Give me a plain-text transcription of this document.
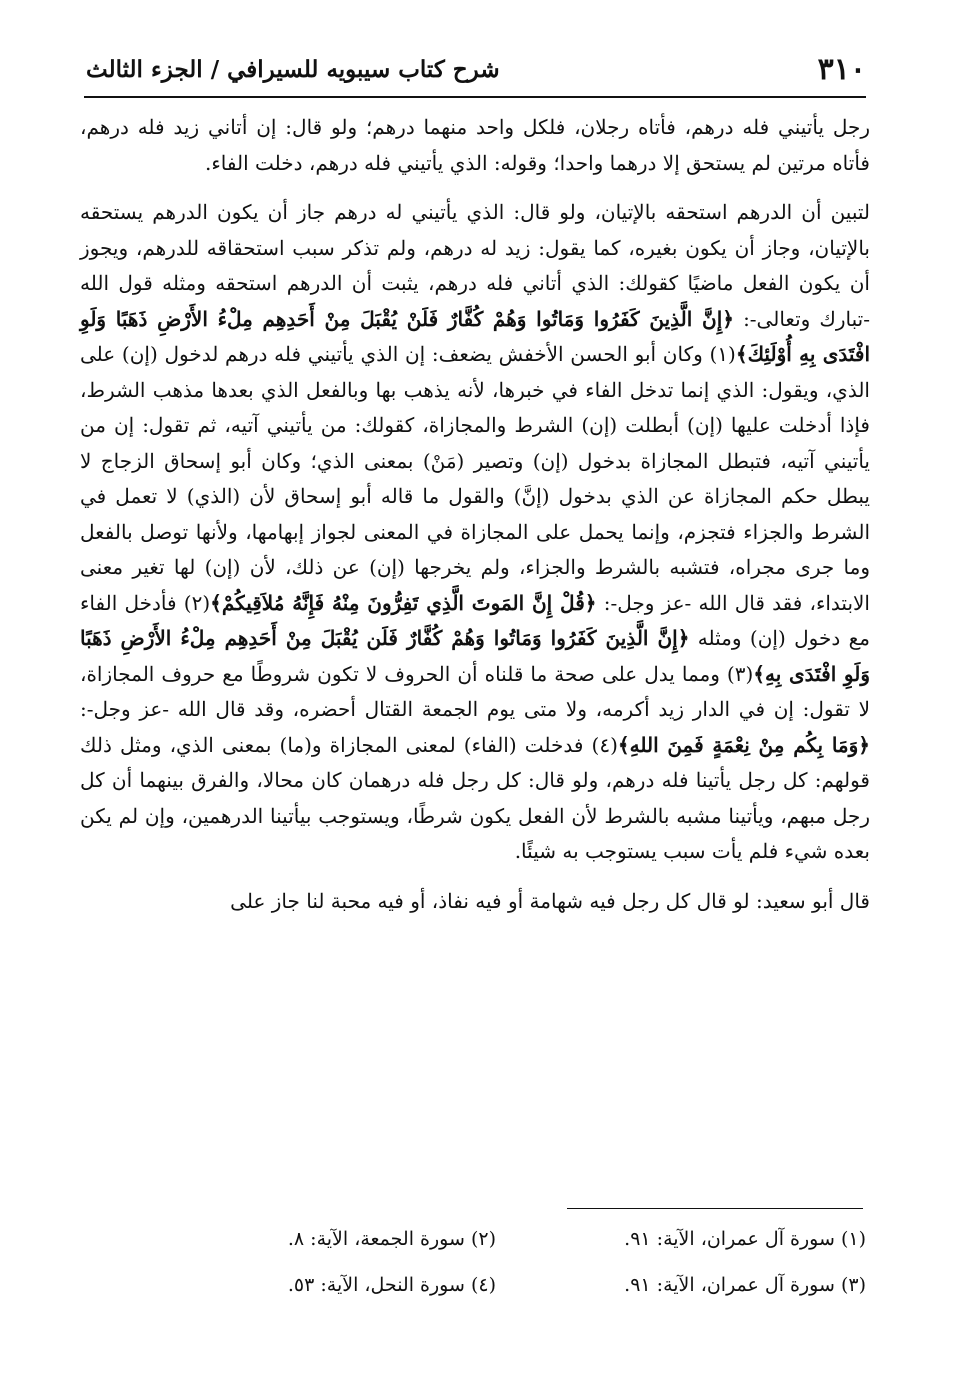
٣١٠
شرح كتاب سيبويه للسيرافي / الجزء الثالث

رجل يأتيني فله درهم، فأتاه رجلان، فلكل واحد منهما درهم؛ ولو قال: إن أتاني زيد فله درهم، فأتاه مرتين لم يستحق إلا درهما واحدا؛ وقوله: الذي يأتيني فله درهم، دخلت الفاء.

لتبين أن الدرهم استحقه بالإتيان، ولو قال: الذي يأتيني له درهم جاز أن يكون الدرهم يستحقه بالإتيان، وجاز أن يكون بغيره، كما يقول: زيد له درهم، ولم تذكر سبب استحقاقه للدرهم، ويجوز أن يكون الفعل ماضيًا كقولك: الذي أتاني فله درهم، يثبت أن الدرهم استحقه ومثله قول الله -تبارك وتعالى-: ﴿إِنَّ الَّذِينَ كَفَرُوا وَمَاتُوا وَهُمْ كُفَّارٌ فَلَنْ يُقْبَلَ مِنْ أَحَدِهِم مِلْءُ الأَرْضِ ذَهَبًا وَلَوِ افْتَدَى بِهِ أُوْلَئِكَ﴾(١) وكان أبو الحسن الأخفش يضعف: إن الذي يأتيني فله درهم لدخول (إن) على الذي، ويقول: الذي إنما تدخل الفاء في خبرها، لأنه يذهب بها وبالفعل الذي بعدها مذهب الشرط، فإذا أدخلت عليها (إن) أبطلت (إن) الشرط والمجازاة، كقولك: من يأتيني آتيه، ثم تقول: إن من يأتيني آتيه، فتبطل المجازاة بدخول (إن) وتصير (مَنْ) بمعنى الذي؛ وكان أبو إسحاق الزجاج لا يبطل حكم المجازاة عن الذي بدخول (إنَّ) والقول ما قاله أبو إسحاق لأن (الذي) لا تعمل في الشرط والجزاء فتجزم، وإنما يحمل على المجازاة في المعنى لجواز إبهامها، ولأنها توصل بالفعل وما جرى مجراه، فتشبه بالشرط والجزاء، ولم يخرجها (إن) عن ذلك، لأن (إن) لها تغير معنى الابتداء، فقد قال الله -عز وجل-: ﴿قُلْ إِنَّ المَوتَ الَّذِي تَفِرُّونَ مِنْهُ فَإِنَّهُ مُلاَقِيكُمْ﴾(٢) فأدخل الفاء مع دخول (إن) ومثله ﴿إِنَّ الَّذِينَ كَفَرُوا وَمَاتُوا وَهُمْ كُفَّارٌ فَلَن يُقْبَلَ مِنْ أَحَدِهِم مِلْءُ الأَرْضِ ذَهَبًا وَلَوِ افْتَدَى بِهِ﴾(٣) ومما يدل على صحة ما قلناه أن الحروف لا تكون شروطًا مع حروف المجازاة، لا تقول: إن في الدار زيد أكرمه، ولا متى يوم الجمعة القتال أحضره، وقد قال الله -عز وجل-: ﴿وَمَا بِكُم مِنْ نِعْمَةٍ فَمِنَ اللهِ﴾(٤) فدخلت (الفاء) لمعنى المجازاة و(ما) بمعنى الذي، ومثل ذلك قولهم: كل رجل يأتينا فله درهم، ولو قال: كل رجل فله درهمان كان محالا، والفرق بينهما أن كل رجل مبهم، ويأتينا مشبه بالشرط لأن الفعل يكون شرطًا، ويستوجب بيأتينا الدرهمين، وإن لم يكن بعده شيء فلم يأت سبب يستوجب به شيئًا.

قال أبو سعيد: لو قال كل رجل فيه شهامة أو فيه نفاذ، أو فيه محبة لنا جاز على

(١) سورة آل عمران، الآية: ٩١.
(٢) سورة الجمعة، الآية: ٨.
(٣) سورة آل عمران، الآية: ٩١.
(٤) سورة النحل، الآية: ٥٣.
